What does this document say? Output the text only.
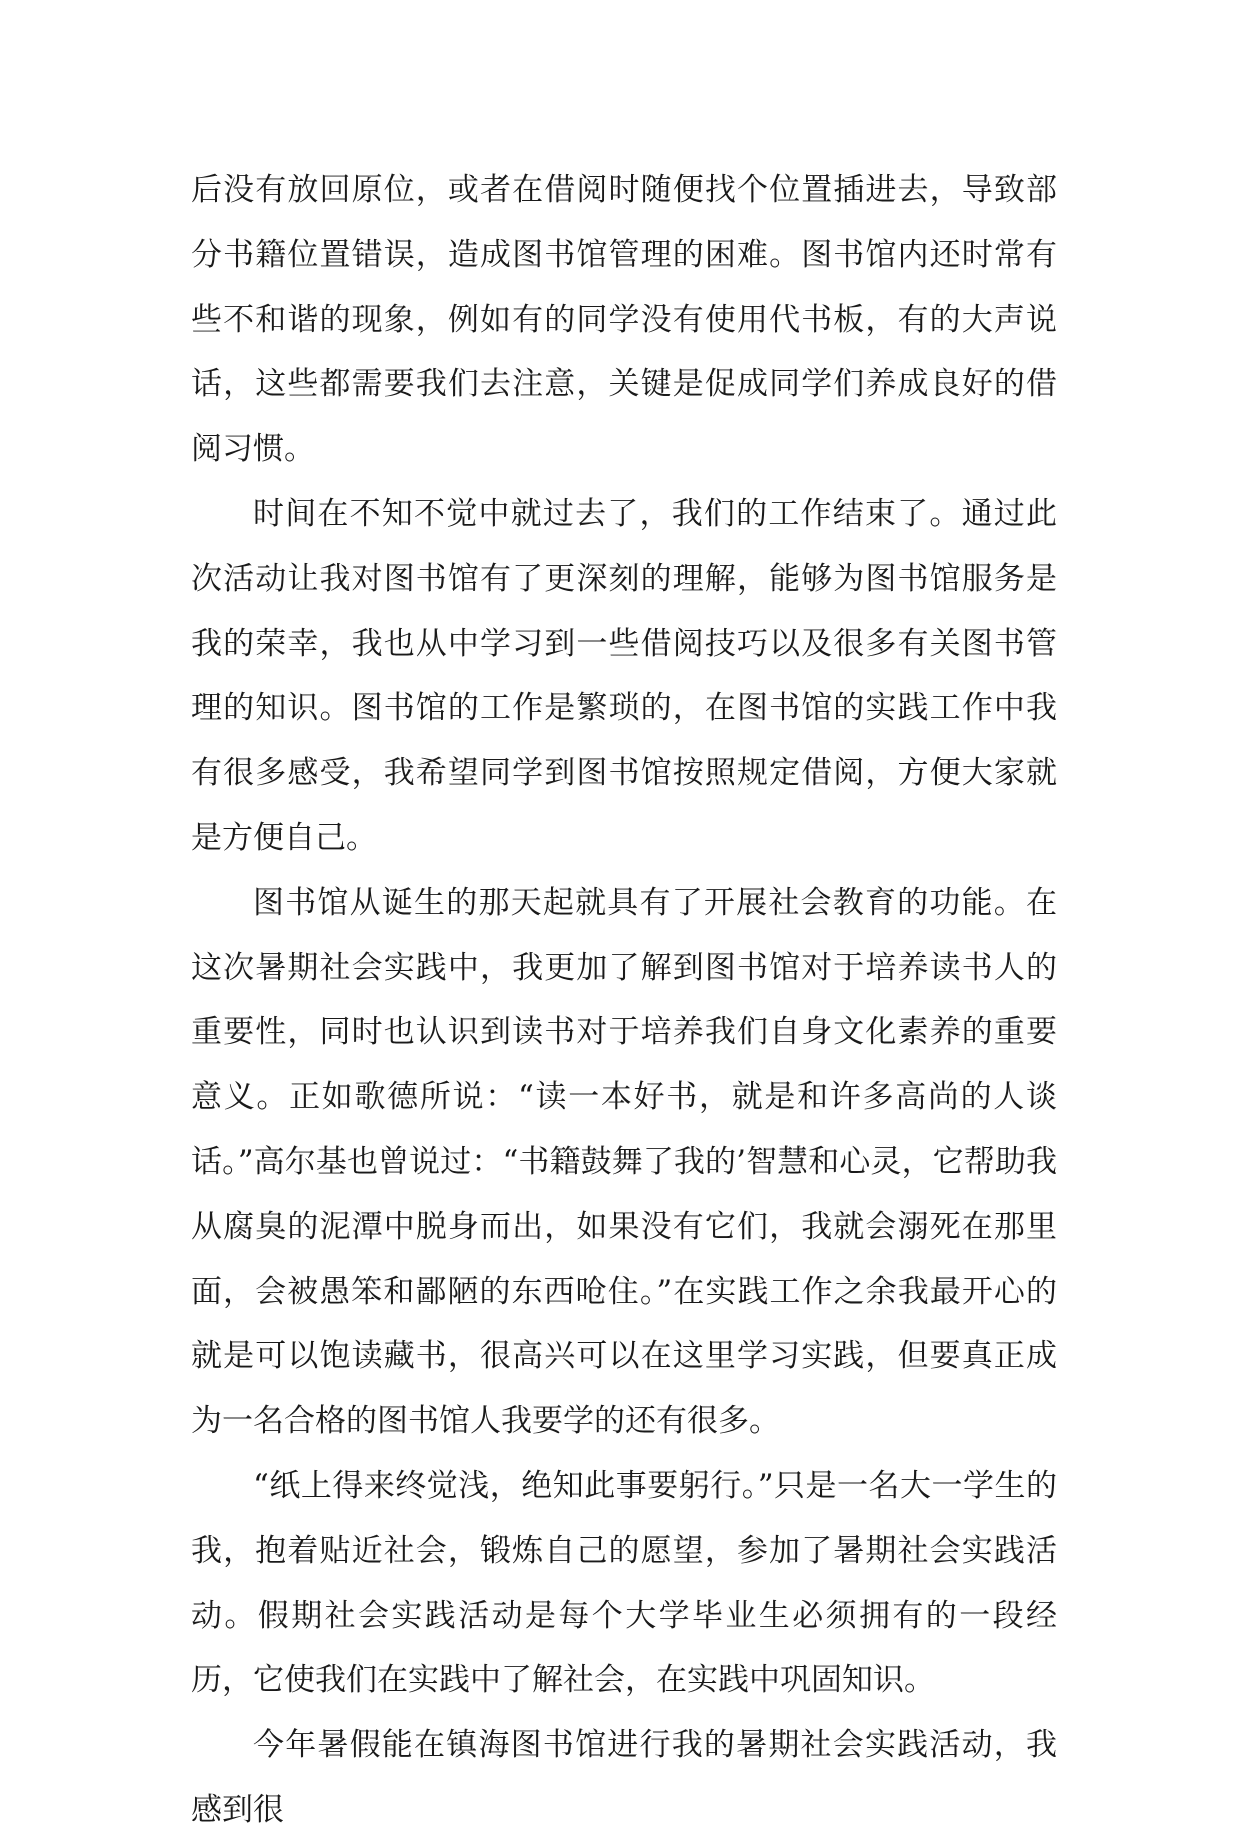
后没有放回原位，或者在借阅时随便找个位置插进去，导致部分书籍位置错误，造成图书馆管理的困难。图书馆内还时常有些不和谐的现象，例如有的同学没有使用代书板，有的大声说话，这些都需要我们去注意，关键是促成同学们养成良好的借阅习惯。

时间在不知不觉中就过去了，我们的工作结束了。通过此次活动让我对图书馆有了更深刻的理解，能够为图书馆服务是我的荣幸，我也从中学习到一些借阅技巧以及很多有关图书管理的知识。图书馆的工作是繁琐的，在图书馆的实践工作中我有很多感受，我希望同学到图书馆按照规定借阅，方便大家就是方便自己。

图书馆从诞生的那天起就具有了开展社会教育的功能。在这次暑期社会实践中，我更加了解到图书馆对于培养读书人的重要性，同时也认识到读书对于培养我们自身文化素养的重要意义。正如歌德所说：“读一本好书，就是和许多高尚的人谈话。”高尔基也曾说过：“书籍鼓舞了我的’智慧和心灵，它帮助我从腐臭的泥潭中脱身而出，如果没有它们，我就会溺死在那里面，会被愚笨和鄙陋的东西呛住。”在实践工作之余我最开心的就是可以饱读藏书，很高兴可以在这里学习实践，但要真正成为一名合格的图书馆人我要学的还有很多。

“纸上得来终觉浅，绝知此事要躬行。”只是一名大一学生的我，抱着贴近社会，锻炼自己的愿望，参加了暑期社会实践活动。假期社会实践活动是每个大学毕业生必须拥有的一段经历，它使我们在实践中了解社会，在实践中巩固知识。

今年暑假能在镇海图书馆进行我的暑期社会实践活动，我感到很
